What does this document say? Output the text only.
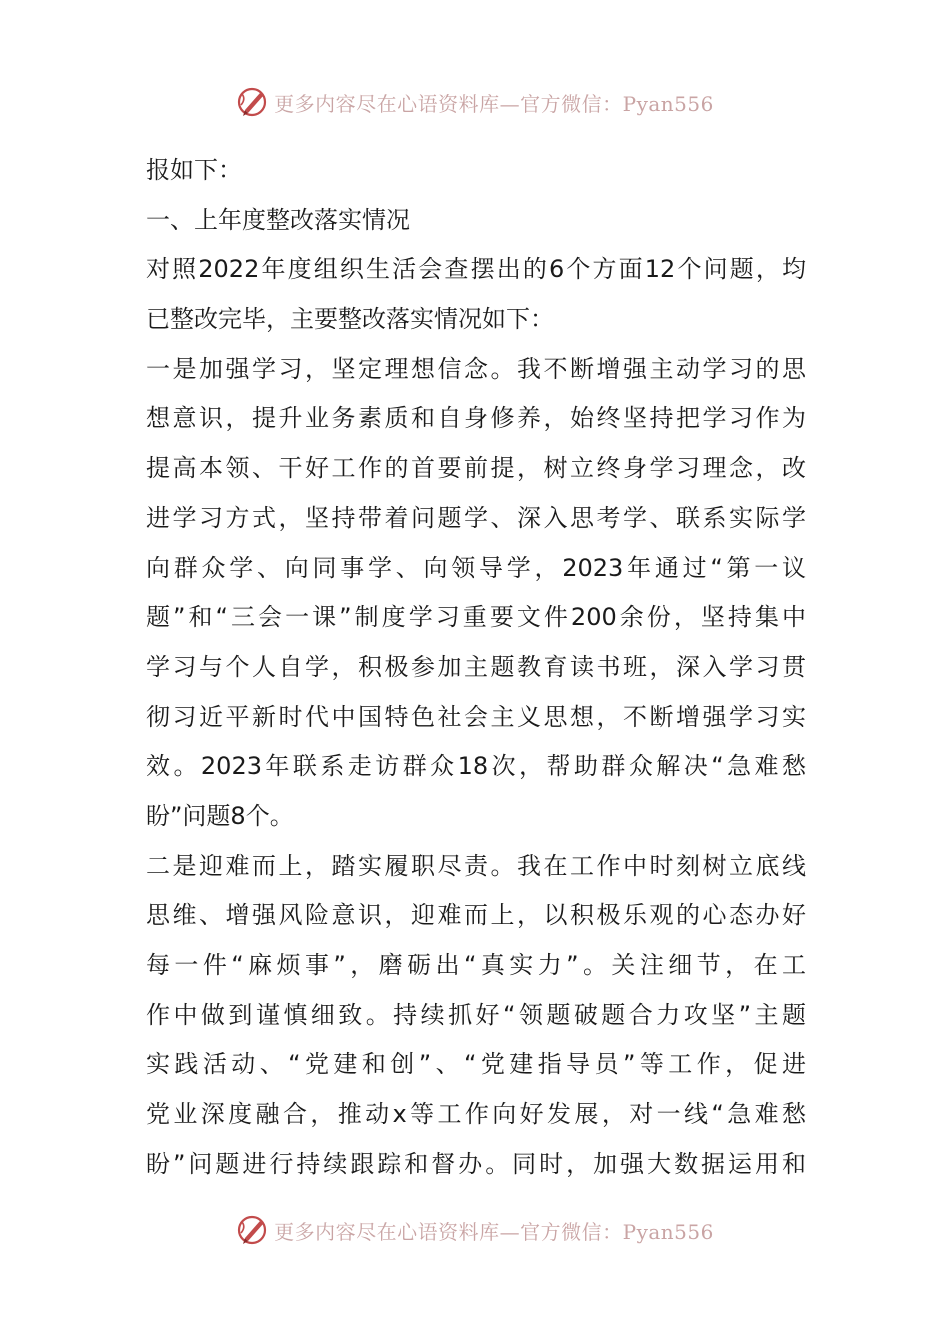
更多内容尽在心语资料库—官方微信：Pyan556
报如下：
一、上年度整改落实情况
对照2022年度组织生活会查摆出的6个方面12个问题，均
已整改完毕，主要整改落实情况如下：
一是加强学习，坚定理想信念。我不断增强主动学习的思
想意识，提升业务素质和自身修养，始终坚持把学习作为
提高本领、干好工作的首要前提，树立终身学习理念，改
进学习方式，坚持带着问题学、深入思考学、联系实际学
向群众学、向同事学、向领导学，2023年通过“第一议
题”和“三会一课”制度学习重要文件200余份，坚持集中
学习与个人自学，积极参加主题教育读书班，深入学习贯
彻习近平新时代中国特色社会主义思想，不断增强学习实
效。2023年联系走访群众18次，帮助群众解决“急难愁
盼”问题8个。
二是迎难而上，踏实履职尽责。我在工作中时刻树立底线
思维、增强风险意识，迎难而上，以积极乐观的心态办好
每一件“麻烦事”，磨砺出“真实力”。关注细节，在工
作中做到谨慎细致。持续抓好“领题破题合力攻坚”主题
实践活动、“党建和创”、“党建指导员”等工作，促进
党业深度融合，推动x等工作向好发展，对一线“急难愁
盼”问题进行持续跟踪和督办。同时，加强大数据运用和
更多内容尽在心语资料库—官方微信：Pyan556
